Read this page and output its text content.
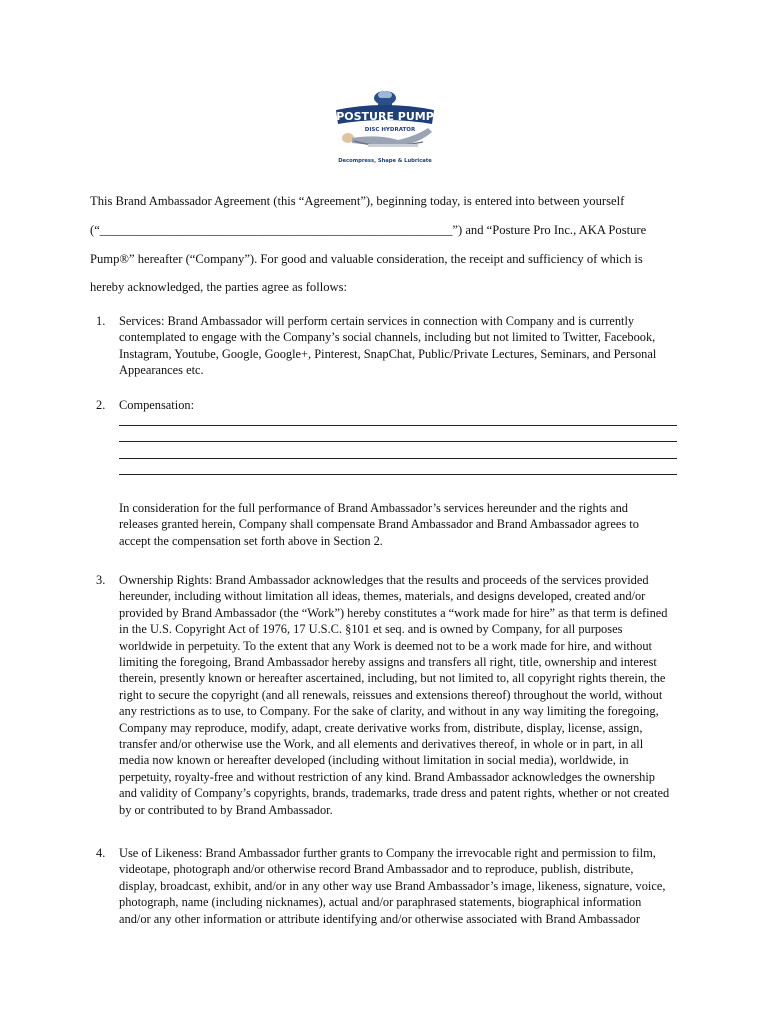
POSTURE PUMP
DISC HYDRATOR
Decompress, Shape & Lubricate
This Brand Ambassador Agreement (this “Agreement”), beginning today, is entered into between yourself
(“________________________________________________________”) and “Posture Pro Inc., AKA Posture
Pump®” hereafter (“Company”). For good and valuable consideration, the receipt and sufficiency of which is
hereby acknowledged, the parties agree as follows:
1. Services: Brand Ambassador will perform certain services in connection with Company and is currently
contemplated to engage with the Company’s social channels, including but not limited to Twitter, Facebook,
Instagram, Youtube, Google, Google+, Pinterest, SnapChat, Public/Private Lectures, Seminars, and Personal
Appearances etc.
2. Compensation:
3. Ownership Rights: Brand Ambassador acknowledges that the results and proceeds of the services provided
hereunder, including without limitation all ideas, themes, materials, and designs developed, created and/or
provided by Brand Ambassador (the “Work”) hereby constitutes a “work made for hire” as that term is defined
in the U.S. Copyright Act of 1976, 17 U.S.C. §101 et seq. and is owned by Company, for all purposes
worldwide in perpetuity. To the extent that any Work is deemed not to be a work made for hire, and without
limiting the foregoing, Brand Ambassador hereby assigns and transfers all right, title, ownership and interest
therein, presently known or hereafter ascertained, including, but not limited to, all copyright rights therein, the
right to secure the copyright (and all renewals, reissues and extensions thereof) throughout the world, without
any restrictions as to use, to Company. For the sake of clarity, and without in any way limiting the foregoing,
Company may reproduce, modify, adapt, create derivative works from, distribute, display, license, assign,
transfer and/or otherwise use the Work, and all elements and derivatives thereof, in whole or in part, in all
media now known or hereafter developed (including without limitation in social media), worldwide, in
perpetuity, royalty-free and without restriction of any kind. Brand Ambassador acknowledges the ownership
and validity of Company’s copyrights, brands, trademarks, trade dress and patent rights, whether or not created
by or contributed to by Brand Ambassador.
4. Use of Likeness: Brand Ambassador further grants to Company the irrevocable right and permission to film,
videotape, photograph and/or otherwise record Brand Ambassador and to reproduce, publish, distribute,
display, broadcast, exhibit, and/or in any other way use Brand Ambassador’s image, likeness, signature, voice,
photograph, name (including nicknames), actual and/or paraphrased statements, biographical information
and/or any other information or attribute identifying and/or otherwise associated with Brand Ambassador
In consideration for the full performance of Brand Ambassador’s services hereunder and the rights and
releases granted herein, Company shall compensate Brand Ambassador and Brand Ambassador agrees to
accept the compensation set forth above in Section 2.
